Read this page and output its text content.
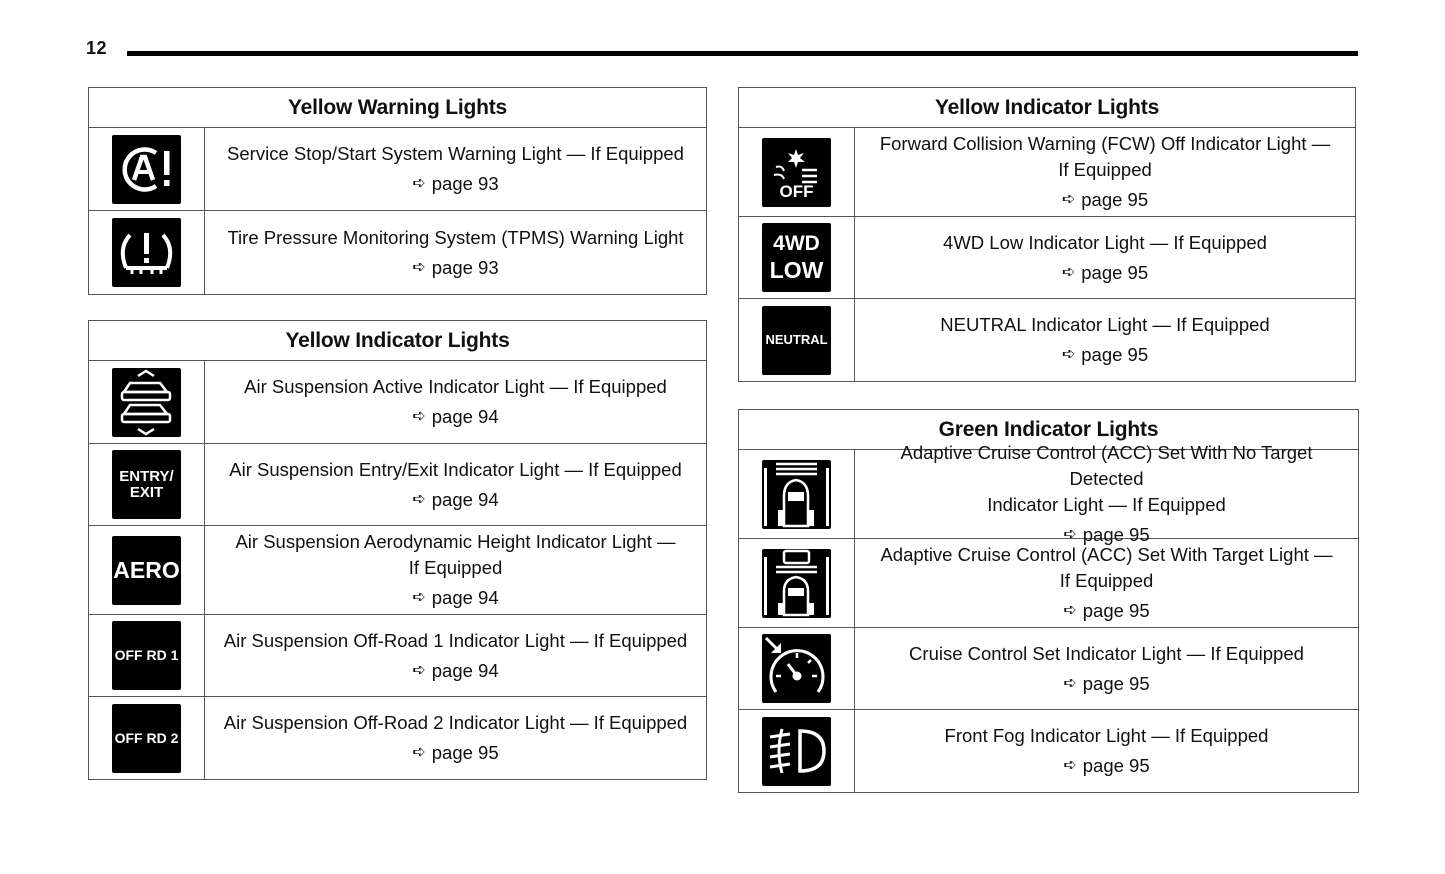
12
Yellow Warning Lights
Service Stop/Start System Warning Light — If Equipped
➪ page 93
Tire Pressure Monitoring System (TPMS) Warning Light
➪ page 93
Yellow Indicator Lights
Air Suspension Active Indicator Light — If Equipped
➪ page 94
ENTRY/ EXIT
Air Suspension Entry/Exit Indicator Light — If Equipped
➪ page 94
AERO
Air Suspension Aerodynamic Height Indicator Light —
If Equipped
➪ page 94
OFF RD 1
Air Suspension Off-Road 1 Indicator Light — If Equipped
➪ page 94
OFF RD 2
Air Suspension Off-Road 2 Indicator Light — If Equipped
➪ page 95
Yellow Indicator Lights
OFF
Forward Collision Warning (FCW) Off Indicator Light —
If Equipped
➪ page 95
4WD
LOW
4WD Low Indicator Light — If Equipped
➪ page 95
NEUTRAL
NEUTRAL Indicator Light — If Equipped
➪ page 95
Green Indicator Lights
Adaptive Cruise Control (ACC) Set With No Target Detected
Indicator Light — If Equipped
➪ page 95
Adaptive Cruise Control (ACC) Set With Target Light —
If Equipped
➪ page 95
Cruise Control Set Indicator Light — If Equipped
➪ page 95
Front Fog Indicator Light — If Equipped
➪ page 95
